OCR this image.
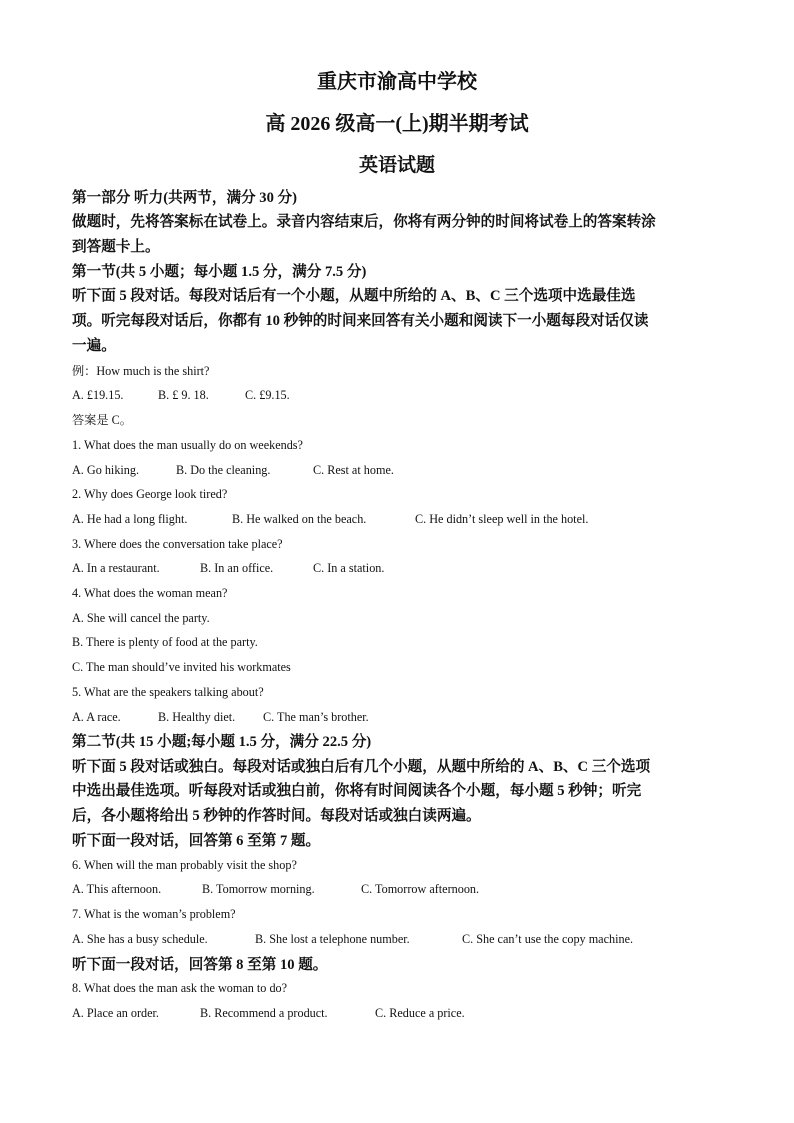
重庆市渝高中学校
高 2026 级高一(上)期半期考试
英语试题
第一部分 听力(共两节，满分 30 分)
做题时，先将答案标在试卷上。录音内容结束后，你将有两分钟的时间将试卷上的答案转涂
到答题卡上。
第一节(共 5 小题；每小题 1.5 分，满分 7.5 分)
听下面 5 段对话。每段对话后有一个小题，从题中所给的 A、B、C 三个选项中选最佳选
项。听完每段对话后，你都有 10 秒钟的时间来回答有关小题和阅读下一小题每段对话仅读
一遍。
例：How much is the shirt?
A. £19.15.	B. £ 9. 18.	C. £9.15.
答案是 C。
1. What does the man usually do on weekends?
A. Go hiking.	B. Do the cleaning.	C. Rest at home.
2. Why does George look tired?
A. He had a long flight.	B. He walked on the beach.	C. He didn’t sleep well in the hotel.
3. Where does the conversation take place?
A. In a restaurant.	B. In an office.	C. In a station.
4. What does the woman mean?
A. She will cancel the party.
B. There is plenty of food at the party.
C. The man should’ve invited his workmates
5. What are the speakers talking about?
A. A race.	B. Healthy diet. C. The man’s brother.
第二节(共 15 小题;每小题 1.5 分，满分 22.5 分)
听下面 5 段对话或独白。每段对话或独白后有几个小题，从题中所给的 A、B、C 三个选项
中选出最佳选项。听每段对话或独白前，你将有时间阅读各个小题，每小题 5 秒钟；听完
后，各小题将给出 5 秒钟的作答时间。每段对话或独白读两遍。
听下面一段对话，回答第 6 至第 7 题。
6. When will the man probably visit the shop?
A. This afternoon.	B. Tomorrow morning.	C. Tomorrow afternoon.
7. What is the woman’s problem?
A. She has a busy schedule.	B. She lost a telephone number.	C. She can’t use the copy machine.
听下面一段对话，回答第 8 至第 10 题。
8. What does the man ask the woman to do?
A. Place an order.	B. Recommend a product.	C. Reduce a price.
